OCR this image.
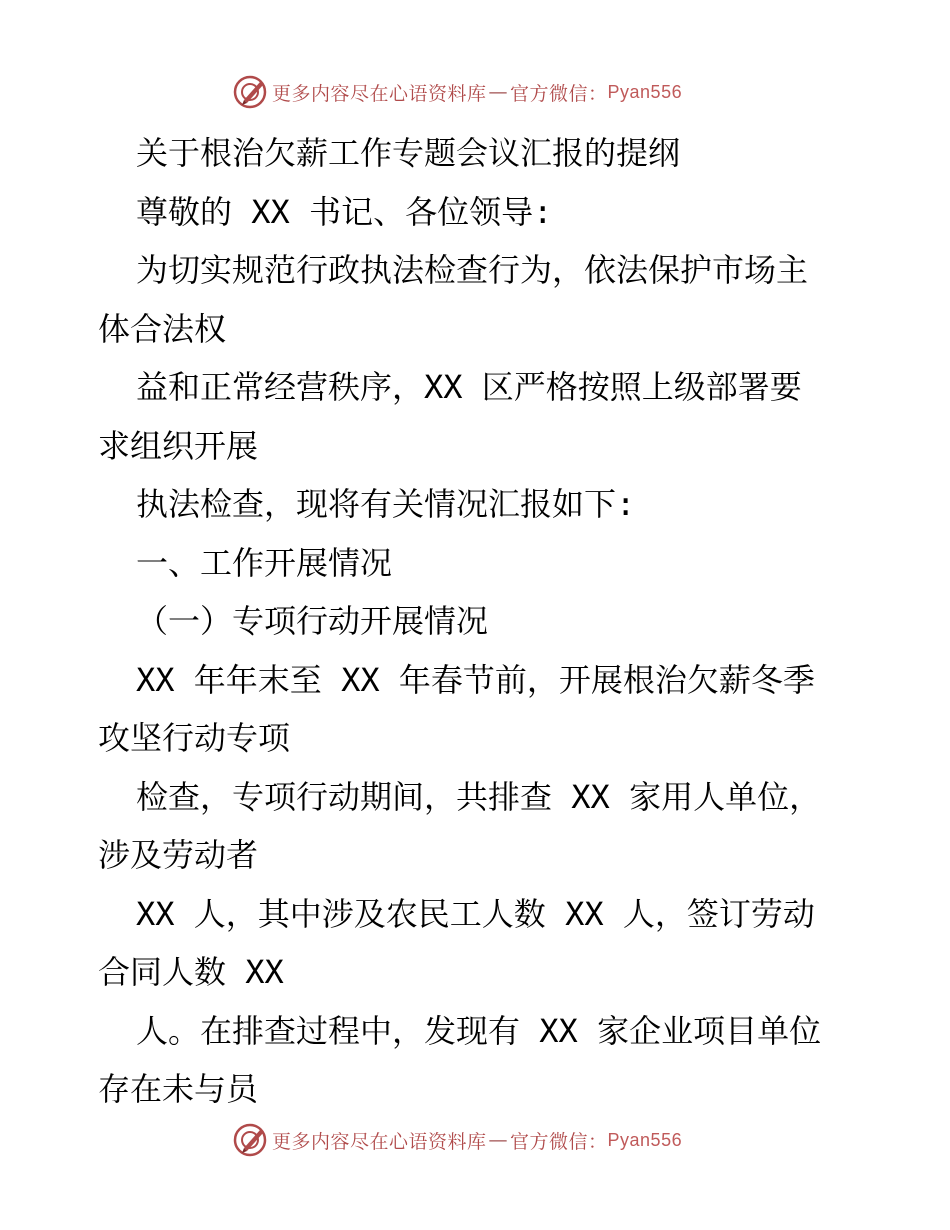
更多内容尽在心语资料库 — 官方微信： Pyan556
关于根治欠薪工作专题会议汇报的提纲
尊敬的 XX 书记、各位领导:
为切实规范行政执法检查行为，依法保护市场主
体合法权
益和正常经营秩序，XX 区严格按照上级部署要
求组织开展
执法检查，现将有关情况汇报如下:
一、工作开展情况
（一）专项行动开展情况
XX 年年末至 XX 年春节前，开展根治欠薪冬季
攻坚行动专项
检查，专项行动期间，共排查 XX 家用人单位，
涉及劳动者
XX 人，其中涉及农民工人数 XX 人，签订劳动
合同人数 XX
人。在排查过程中，发现有 XX 家企业项目单位
存在未与员
更多内容尽在心语资料库 — 官方微信： Pyan556
